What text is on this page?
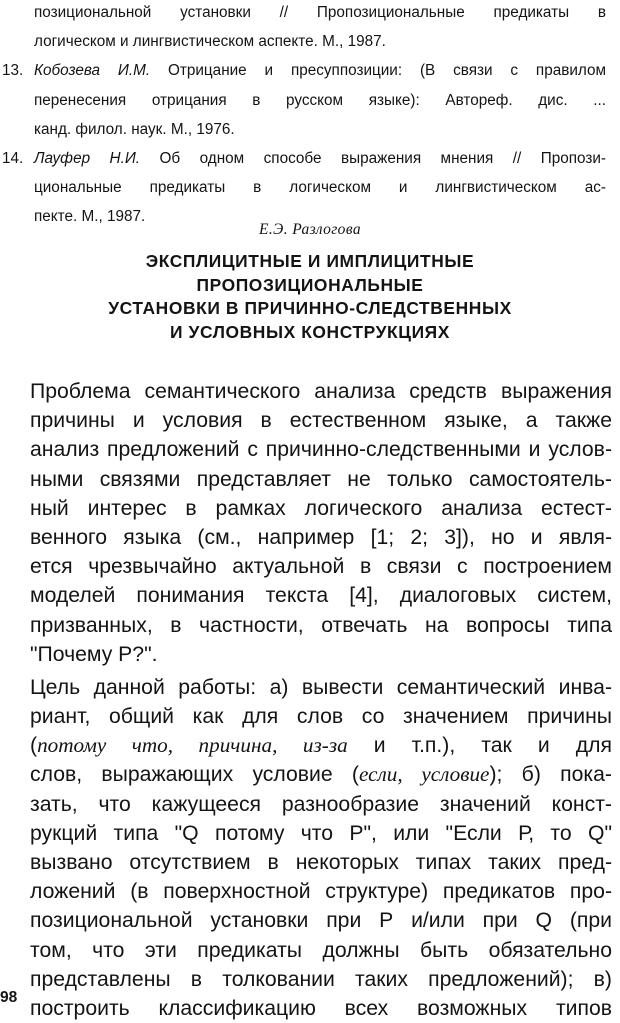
позициональной установки // Пропозициональные предикаты в
логическом и лингвистическом аспекте. М., 1987.

13. Кобозева И.М. Отрицание и пресуппозиции: (В связи с правилом
перенесения отрицания в русском языке): Автореф. дис. ...
канд. филол. наук. М., 1976.

14. Лауфер Н.И. Об одном способе выражения мнения // Пропози-
циональные предикаты в логическом и лингвистическом ас-
пекте. М., 1987.

Е.Э. Разлогова
ЭКСПЛИЦИТНЫЕ И ИМПЛИЦИТНЫЕ
ПРОПОЗИЦИОНАЛЬНЫЕ
УСТАНОВКИ В ПРИЧИННО-СЛЕДСТВЕННЫХ
И УСЛОВНЫХ КОНСТРУКЦИЯХ
Проблема семантического анализа средств выражения
причины и условия в естественном языке, а также
анализ предложений с причинно-следственными и услов-
ными связями представляет не только самостоятель-
ный интерес в рамках логического анализа естест-
венного языка (см., например [1; 2; 3]), но и явля-
ется чрезвычайно актуальной в связи с построением
моделей понимания текста [4], диалоговых систем,
призванных, в частности, отвечать на вопросы типа
"Почему Р?".
Цель данной работы: а) вывести семантический инва-
риант, общий как для слов со значением причины
(потому что, причина, из-за и т.п.), так и для
слов, выражающих условие (если, условие); б) пока-
зать, что кажущееся разнообразие значений конст-
рукций типа "Q потому что Р", или "Если Р, то Q"
вызвано отсутствием в некоторых типах таких пред-
ложений (в поверхностной структуре) предикатов про-
позициональной установки при Р и/или при Q (при
том, что эти предикаты должны быть обязательно
представлены в толковании таких предложений); в)
построить классификацию всех возможных типов
98
